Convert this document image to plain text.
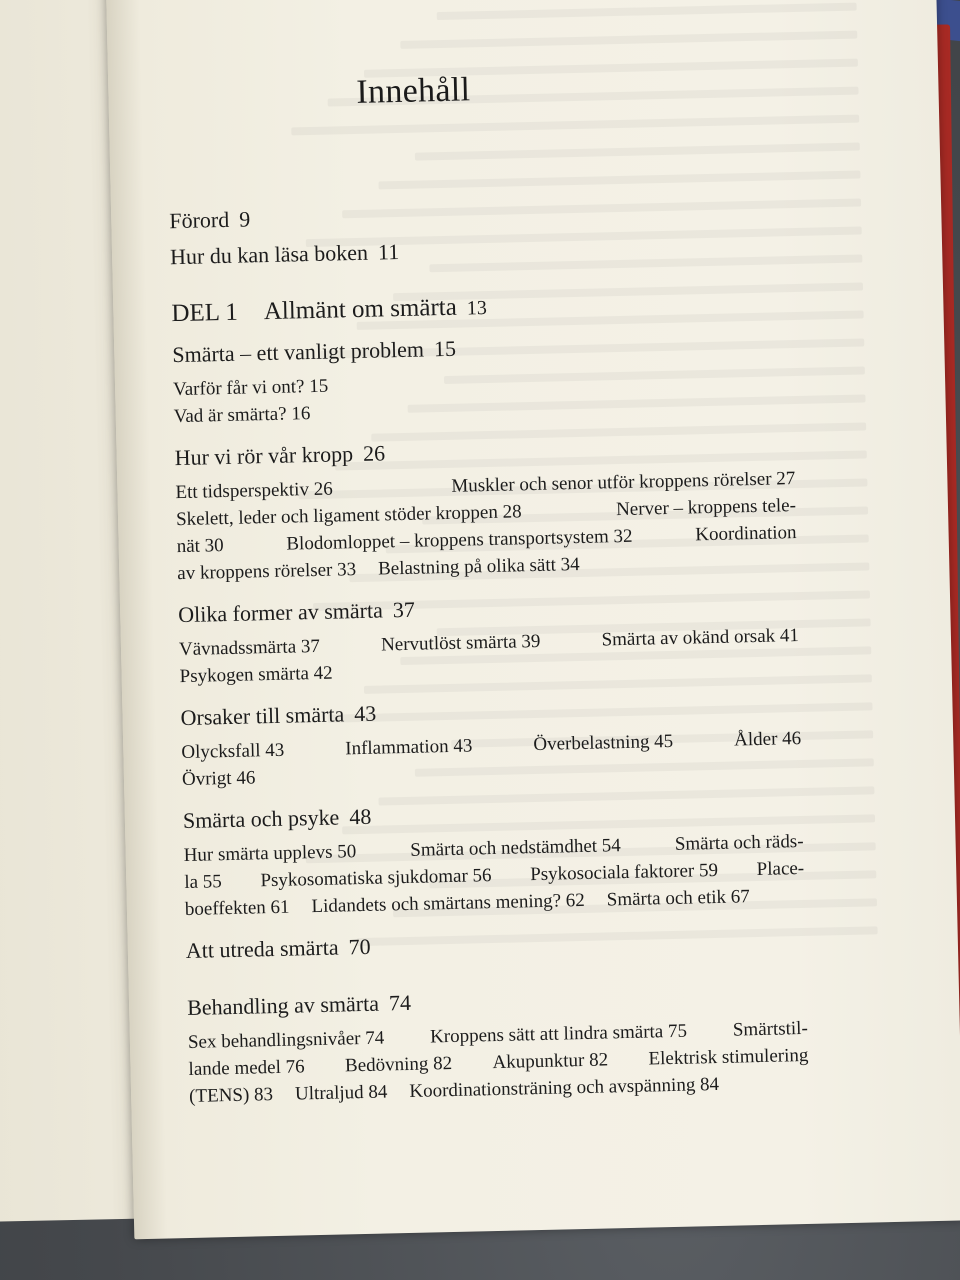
Innehåll
Förord 9
Hur du kan läsa boken 11
DEL 1 Allmänt om smärta 13
Smärta – ett vanligt problem 15
Varför får vi ont? 15
Vad är smärta? 16
Hur vi rör vår kropp 26
Ett tidsperspektiv 26	Muskler och senor utför kroppens rörelser 27
Skelett, leder och ligament stöder kroppen 28	Nerver – kroppens tele-
nät 30	Blodomloppet – kroppens transportsystem 32	Koordination
av kroppens rörelser 33 Belastning på olika sätt 34
Olika former av smärta 37
Vävnadssmärta 37	Nervutlöst smärta 39	Smärta av okänd orsak 41
Psykogen smärta 42
Orsaker till smärta 43
Olycksfall 43	Inflammation 43	Överbelastning 45	Ålder 46
Övrigt 46
Smärta och psyke 48
Hur smärta upplevs 50	Smärta och nedstämdhet 54	Smärta och räds-
la 55 Psykosomatiska sjukdomar 56 Psykosociala faktorer 59 Place-
boeffekten 61 Lidandets och smärtans mening? 62 Smärta och etik 67
Att utreda smärta 70
Behandling av smärta 74
Sex behandlingsnivåer 74 Kroppens sätt att lindra smärta 75 Smärtstil-
lande medel 76 Bedövning 82 Akupunktur 82 Elektrisk stimulering
(TENS) 83 Ultraljud 84 Koordinationsträning och avspänning 84
